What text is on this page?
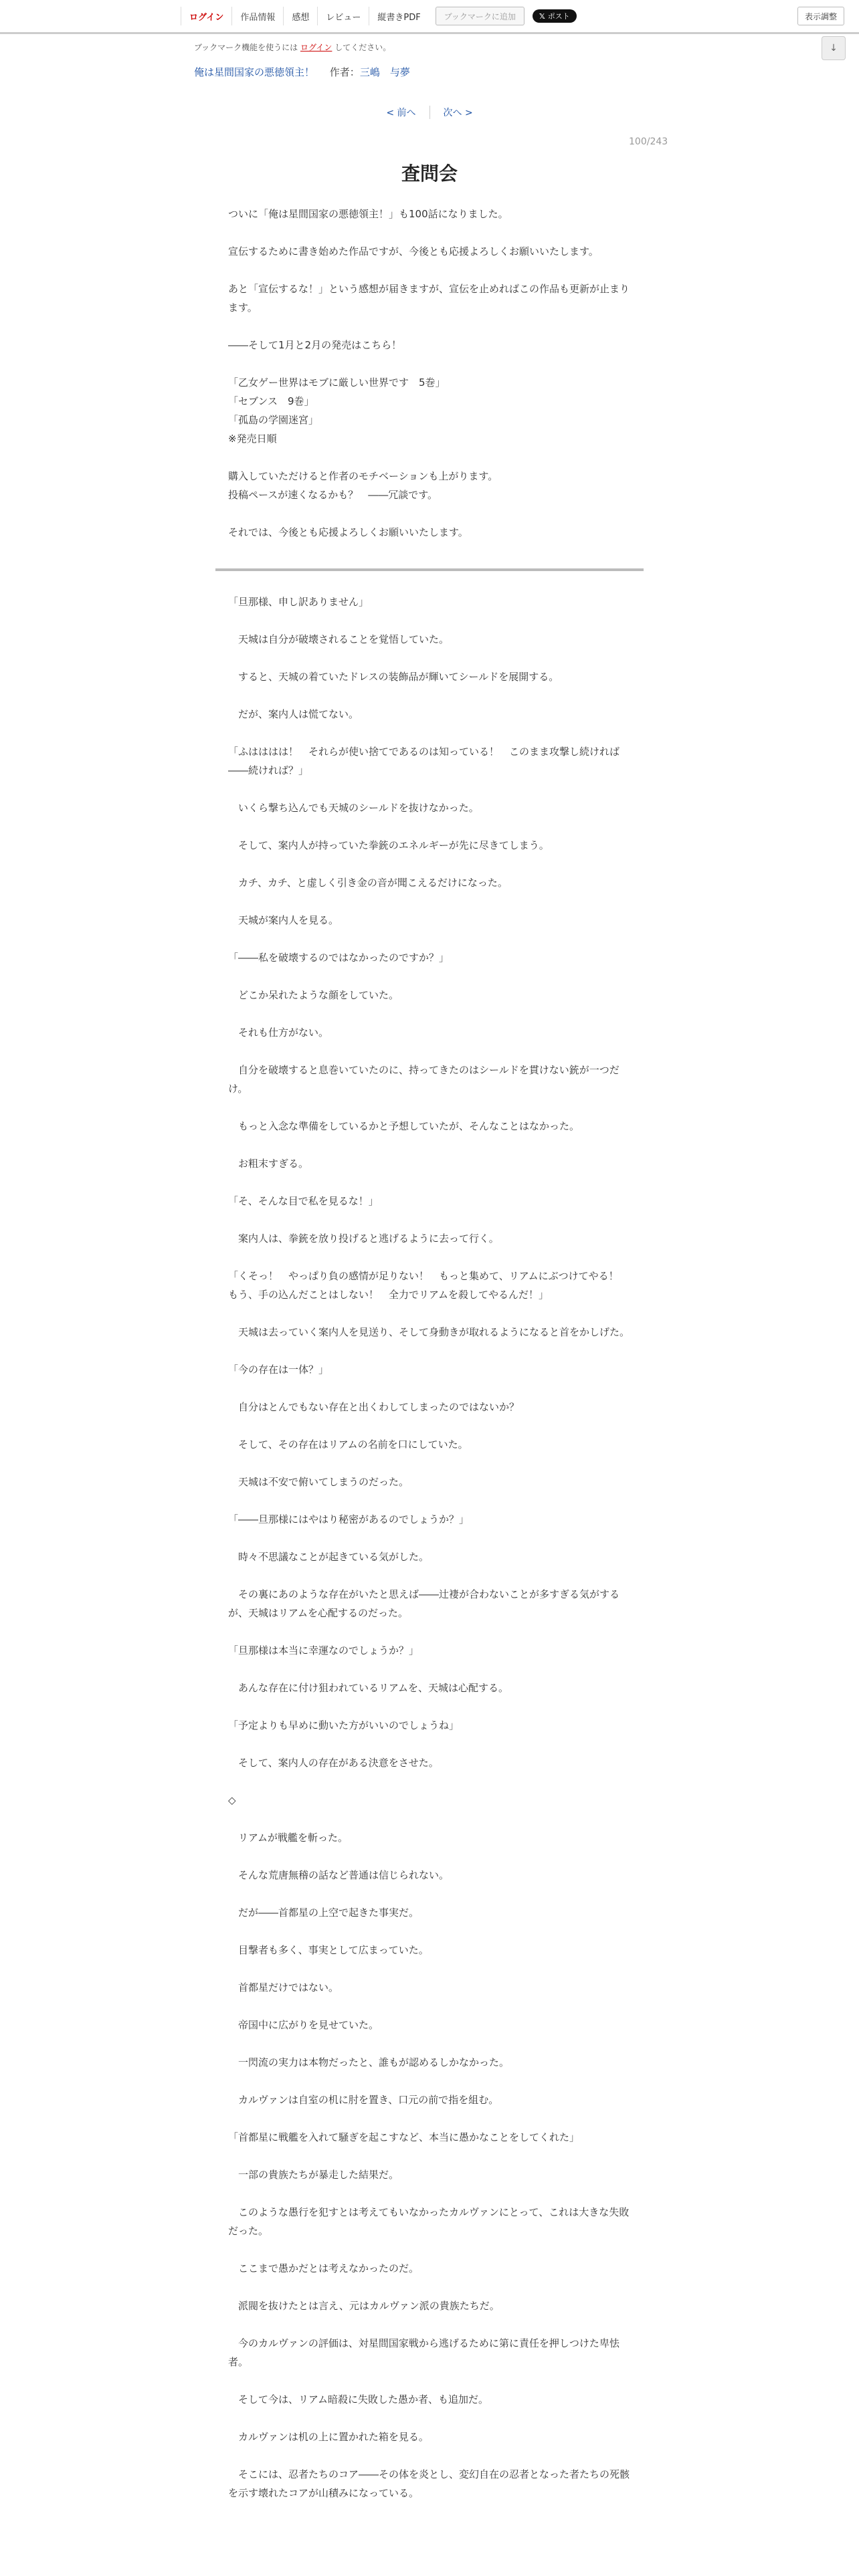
ログイン	作品情報	感想	レビュー	縦書きPDF	ブックマークに追加	𝕏 ポスト	表示調整
↓
ブックマーク機能を使うには ログイン してください。
俺は星間国家の悪徳領主！ 作者：三嶋　与夢
< 前へ	次へ >
100/243
査問会

ついに「俺は星間国家の悪徳領主！」も100話になりました。

宣伝するために書き始めた作品ですが、今後とも応援よろしくお願いいたします。

あと「宣伝するな！」という感想が届きますが、宣伝を止めればこの作品も更新が止まります。

――そして1月と2月の発売はこちら！

「乙女ゲー世界はモブに厳しい世界です　5巻」

「セブンス　9巻」

「孤島の学園迷宮」

※発売日順

購入していただけると作者のモチベーションも上がります。

投稿ペースが速くなるかも？　――冗談です。

それでは、今後とも応援よろしくお願いいたします。

「旦那様、申し訳ありません」

　天城は自分が破壊されることを覚悟していた。

　すると、天城の着ていたドレスの装飾品が輝いてシールドを展開する。

　だが、案内人は慌てない。

「ふはははは！　それらが使い捨てであるのは知っている！　このまま攻撃し続ければ――続ければ？」

　いくら撃ち込んでも天城のシールドを抜けなかった。

　そして、案内人が持っていた拳銃のエネルギーが先に尽きてしまう。

　カチ、カチ、と虚しく引き金の音が聞こえるだけになった。

　天城が案内人を見る。

「――私を破壊するのではなかったのですか？」

　どこか呆れたような顔をしていた。

　それも仕方がない。

　自分を破壊すると息巻いていたのに、持ってきたのはシールドを貫けない銃が一つだけ。

　もっと入念な準備をしているかと予想していたが、そんなことはなかった。

　お粗末すぎる。

「そ、そんな目で私を見るな！」

　案内人は、拳銃を放り投げると逃げるように去って行く。

「くそっ！　やっぱり負の感情が足りない！　もっと集めて、リアムにぶつけてやる！　もう、手の込んだことはしない！　全力でリアムを殺してやるんだ！」

　天城は去っていく案内人を見送り、そして身動きが取れるようになると首をかしげた。

「今の存在は一体？」

　自分はとんでもない存在と出くわしてしまったのではないか？

　そして、その存在はリアムの名前を口にしていた。

　天城は不安で俯いてしまうのだった。

「――旦那様にはやはり秘密があるのでしょうか？」

　時々不思議なことが起きている気がした。

　その裏にあのような存在がいたと思えば――辻褄が合わないことが多すぎる気がするが、天城はリアムを心配するのだった。

「旦那様は本当に幸運なのでしょうか？」

　あんな存在に付け狙われているリアムを、天城は心配する。

「予定よりも早めに動いた方がいいのでしょうね」

　そして、案内人の存在がある決意をさせた。

◇

　リアムが戦艦を斬った。

　そんな荒唐無稽の話など普通は信じられない。

　だが――首都星の上空で起きた事実だ。

　目撃者も多く、事実として広まっていた。

　首都星だけではない。

　帝国中に広がりを見せていた。

　一閃流の実力は本物だったと、誰もが認めるしかなかった。

　カルヴァンは自室の机に肘を置き、口元の前で指を組む。

「首都星に戦艦を入れて騒ぎを起こすなど、本当に愚かなことをしてくれた」

　一部の貴族たちが暴走した結果だ。

　このような愚行を犯すとは考えてもいなかったカルヴァンにとって、これは大きな失敗だった。

　ここまで愚かだとは考えなかったのだ。

　派閥を抜けたとは言え、元はカルヴァン派の貴族たちだ。

　今のカルヴァンの評価は、対星間国家戦から逃げるために第に責任を押しつけた卑怯者。

　そして今は、リアム暗殺に失敗した愚か者、も追加だ。

　カルヴァンは机の上に置かれた箱を見る。

　そこには、忍者たちのコア――その体を炎とし、変幻自在の忍者となった者たちの死骸を示す壊れたコアが山積みになっている。
